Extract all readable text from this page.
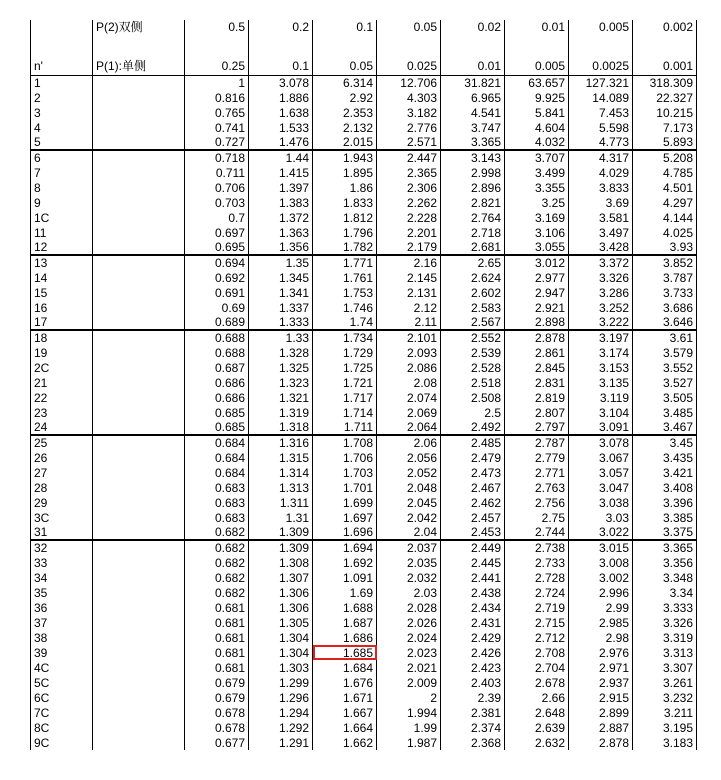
	P(2)双侧	0.5	0.2	0.1	0.05	0.02	0.01	0.005	0.002
n'	P(1):单侧	0.25	0.1	0.05	0.025	0.01	0.005	0.0025	0.001
1		1	3.078	6.314	12.706	31.821	63.657	127.321	318.309
2		0.816	1.886	2.92	4.303	6.965	9.925	14.089	22.327
3		0.765	1.638	2.353	3.182	4.541	5.841	7.453	10.215
4		0.741	1.533	2.132	2.776	3.747	4.604	5.598	7.173
5		0.727	1.476	2.015	2.571	3.365	4.032	4.773	5.893
6		0.718	1.44	1.943	2.447	3.143	3.707	4.317	5.208
7		0.711	1.415	1.895	2.365	2.998	3.499	4.029	4.785
8		0.706	1.397	1.86	2.306	2.896	3.355	3.833	4.501
9		0.703	1.383	1.833	2.262	2.821	3.25	3.69	4.297
1C		0.7	1.372	1.812	2.228	2.764	3.169	3.581	4.144
11		0.697	1.363	1.796	2.201	2.718	3.106	3.497	4.025
12		0.695	1.356	1.782	2.179	2.681	3.055	3.428	3.93
13		0.694	1.35	1.771	2.16	2.65	3.012	3.372	3.852
14		0.692	1.345	1.761	2.145	2.624	2.977	3.326	3.787
15		0.691	1.341	1.753	2.131	2.602	2.947	3.286	3.733
16		0.69	1.337	1.746	2.12	2.583	2.921	3.252	3.686
17		0.689	1.333	1.74	2.11	2.567	2.898	3.222	3.646
18		0.688	1.33	1.734	2.101	2.552	2.878	3.197	3.61
19		0.688	1.328	1.729	2.093	2.539	2.861	3.174	3.579
2C		0.687	1.325	1.725	2.086	2.528	2.845	3.153	3.552
21		0.686	1.323	1.721	2.08	2.518	2.831	3.135	3.527
22		0.686	1.321	1.717	2.074	2.508	2.819	3.119	3.505
23		0.685	1.319	1.714	2.069	2.5	2.807	3.104	3.485
24		0.685	1.318	1.711	2.064	2.492	2.797	3.091	3.467
25		0.684	1.316	1.708	2.06	2.485	2.787	3.078	3.45
26		0.684	1.315	1.706	2.056	2.479	2.779	3.067	3.435
27		0.684	1.314	1.703	2.052	2.473	2.771	3.057	3.421
28		0.683	1.313	1.701	2.048	2.467	2.763	3.047	3.408
29		0.683	1.311	1.699	2.045	2.462	2.756	3.038	3.396
3C		0.683	1.31	1.697	2.042	2.457	2.75	3.03	3.385
31		0.682	1.309	1.696	2.04	2.453	2.744	3.022	3.375
32		0.682	1.309	1.694	2.037	2.449	2.738	3.015	3.365
33		0.682	1.308	1.692	2.035	2.445	2.733	3.008	3.356
34		0.682	1.307	1.091	2.032	2.441	2.728	3.002	3.348
35		0.682	1.306	1.69	2.03	2.438	2.724	2.996	3.34
36		0.681	1.306	1.688	2.028	2.434	2.719	2.99	3.333
37		0.681	1.305	1.687	2.026	2.431	2.715	2.985	3.326
38		0.681	1.304	1.686	2.024	2.429	2.712	2.98	3.319
39		0.681	1.304	1.685	2.023	2.426	2.708	2.976	3.313
4C		0.681	1.303	1.684	2.021	2.423	2.704	2.971	3.307
5C		0.679	1.299	1.676	2.009	2.403	2.678	2.937	3.261
6C		0.679	1.296	1.671	2	2.39	2.66	2.915	3.232
7C		0.678	1.294	1.667	1.994	2.381	2.648	2.899	3.211
8C		0.678	1.292	1.664	1.99	2.374	2.639	2.887	3.195
9C		0.677	1.291	1.662	1.987	2.368	2.632	2.878	3.183
